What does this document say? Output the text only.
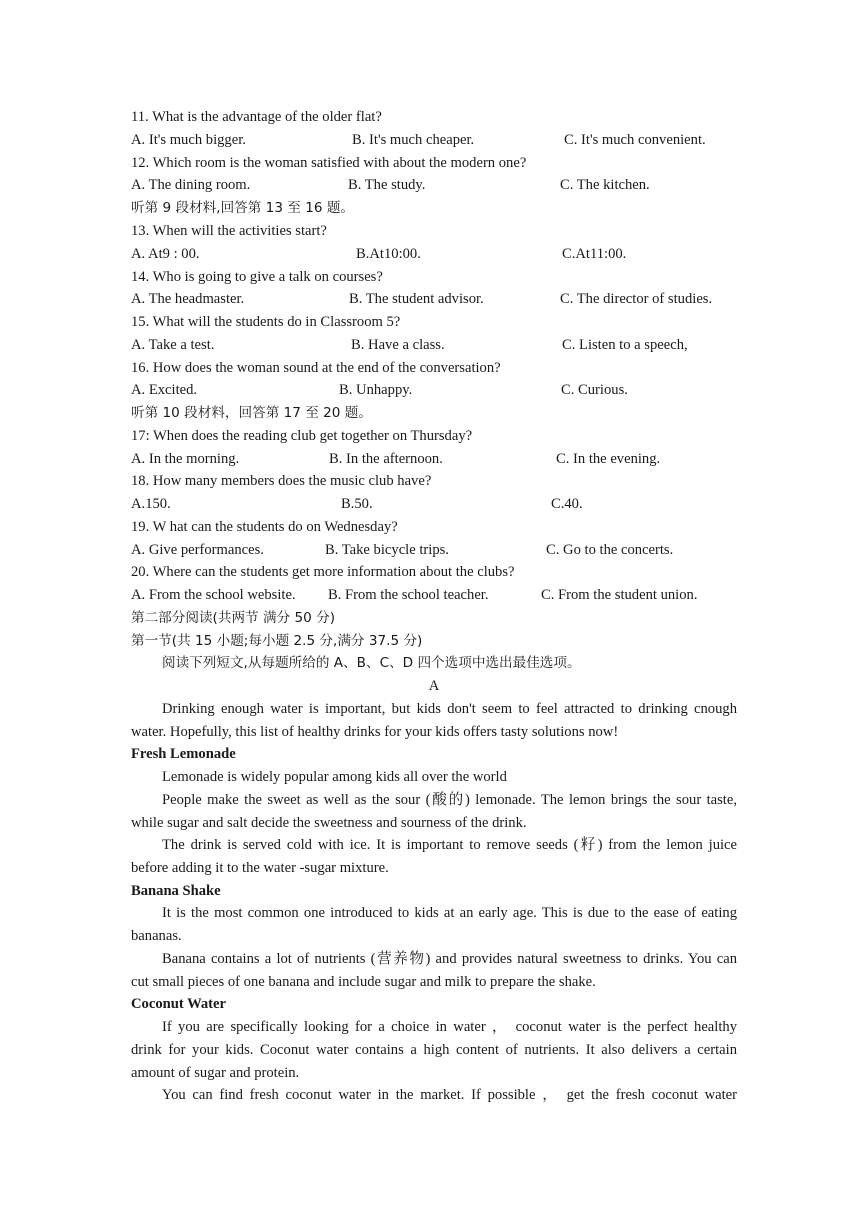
11. What is the advantage of the older flat?
A. It's much bigger.	B. It's much cheaper.	C. It's much convenient.
12. Which room is the woman satisfied with about the modern one?
A. The dining room.	B. The study.	C. The kitchen.
听第 9 段材料,回答第 13 至 16 题。
13. When will the activities start?
A. At9 : 00.	B.At10:00.	C.At11:00.
14. Who is going to give a talk on courses?
A. The headmaster.	B. The student advisor.	C. The director of studies.
15. What will the students do in Classroom 5?
A. Take a test.	B. Have a class.	C. Listen to a speech,
16. How does the woman sound at the end of the conversation?
A. Excited.	B. Unhappy.	C. Curious.
听第 10 段材料，回答第 17 至 20 题。
17: When does the reading club get together on Thursday?
A. In the morning.	B. In the afternoon.	C. In the evening.
18. How many members does the music club have?
A.150.	B.50.	C.40.
19. W hat can the students do on Wednesday?
A. Give performances.	B. Take bicycle trips.	C. Go to the concerts.
20. Where can the students get more information about the clubs?
A. From the school website. B. From the school teacher.	C. From the student union.
第二部分阅读(共两节 满分 50 分)
第一节(共 15 小题;每小题 2.5 分,满分 37.5 分)
阅读下列短文,从每题所给的 A、B、C、D 四个选项中选出最佳选项。
A
Drinking enough water is important, but kids don't seem to feel attracted to drinking cnough
water. Hopefully, this list of healthy drinks for your kids offers tasty solutions now!
Fresh Lemonade
Lemonade is widely popular among kids all over the world
People make the sweet as well as the sour (酸的) lemonade. The lemon brings the sour taste,
while sugar and salt decide the sweetness and sourness of the drink.
The drink is served cold with ice. It is important to remove seeds (籽) from the lemon juice
before adding it to the water -sugar mixture.
Banana Shake
It is the most common one introduced to kids at an early age. This is due to the ease of eating
bananas.
Banana contains a lot of nutrients (营养物) and provides natural sweetness to drinks. You can
cut small pieces of one banana and include sugar and milk to prepare the shake.
Coconut Water
If you are specifically looking for a choice in water ， coconut water is the perfect healthy
drink for your kids. Coconut water contains a high content of nutrients. It also delivers a certain
amount of sugar and protein.
You can find fresh coconut water in the market. If possible ， get the fresh coconut water
